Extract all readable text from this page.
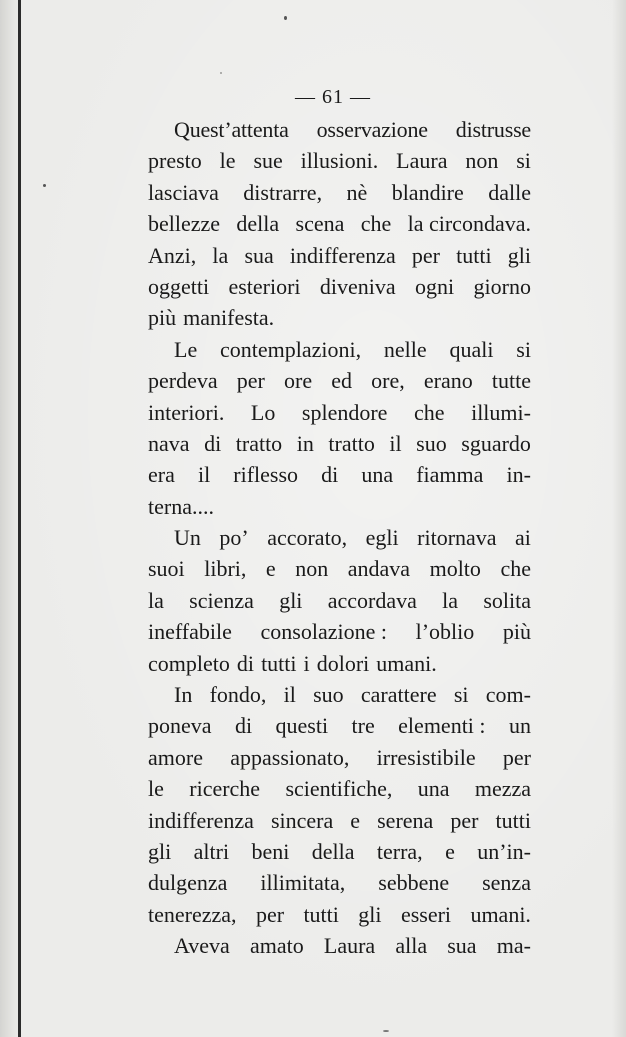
— 61 —
Quest’attenta osservazione distrusse
presto le sue illusioni. Laura non si
lasciava distrarre, nè blandire dalle
bellezze della scena che la circondava.
Anzi, la sua indifferenza per tutti gli
oggetti esteriori diveniva ogni giorno
più manifesta.
Le contemplazioni, nelle quali si
perdeva per ore ed ore, erano tutte
interiori. Lo splendore che illumi-
nava di tratto in tratto il suo sguardo
era il riflesso di una fiamma in-
terna....
Un po’ accorato, egli ritornava ai
suoi libri, e non andava molto che
la scienza gli accordava la solita
ineffabile consolazione : l’oblio più
completo di tutti i dolori umani.
In fondo, il suo carattere si com-
poneva di questi tre elementi : un
amore appassionato, irresistibile per
le ricerche scientifiche, una mezza
indifferenza sincera e serena per tutti
gli altri beni della terra, e un’in-
dulgenza illimitata, sebbene senza
tenerezza, per tutti gli esseri umani.
Aveva amato Laura alla sua ma-
